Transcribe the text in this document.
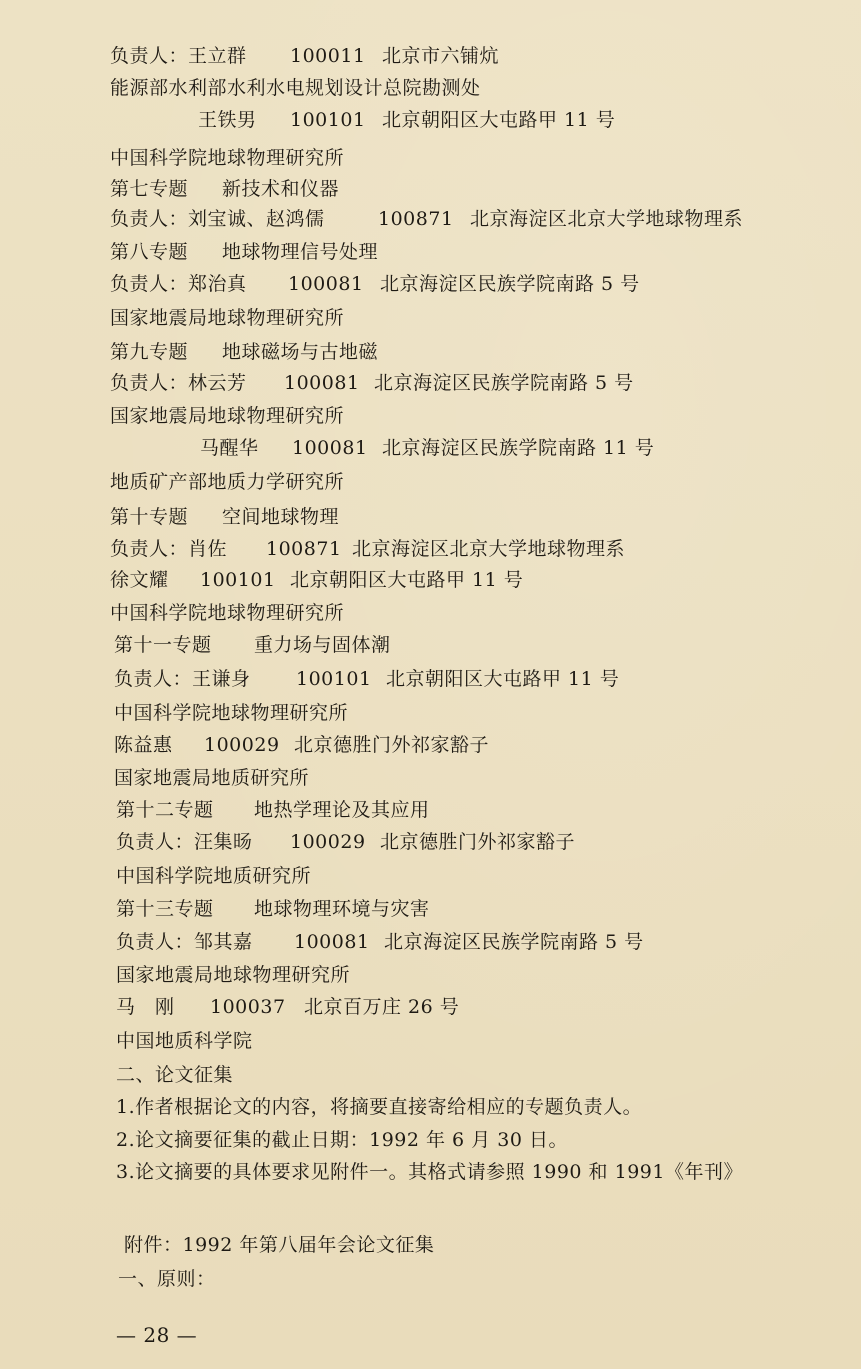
负责人：王立群 100011 北京市六铺炕
能源部水利部水利水电规划设计总院勘测处
王铁男 100101 北京朝阳区大屯路甲 11 号
中国科学院地球物理研究所
第七专题 新技术和仪器
负责人：刘宝诚、赵鸿儒	100871 北京海淀区北京大学地球物理系
第八专题 地球物理信号处理
负责人：郑治真 100081 北京海淀区民族学院南路 5 号
国家地震局地球物理研究所
第九专题 地球磁场与古地磁
负责人：林云芳 100081 北京海淀区民族学院南路 5 号
国家地震局地球物理研究所
马醒华 100081 北京海淀区民族学院南路 11 号
地质矿产部地质力学研究所
第十专题 空间地球物理
负责人：肖佐 100871 北京海淀区北京大学地球物理系
徐文耀 100101 北京朝阳区大屯路甲 11 号
中国科学院地球物理研究所
第十一专题 重力场与固体潮
负责人：王谦身 100101 北京朝阳区大屯路甲 11 号
中国科学院地球物理研究所
陈益惠 100029 北京德胜门外祁家豁子
国家地震局地质研究所
第十二专题 地热学理论及其应用
负责人：汪集旸 100029 北京德胜门外祁家豁子
中国科学院地质研究所
第十三专题 地球物理环境与灾害
负责人：邹其嘉 100081 北京海淀区民族学院南路 5 号
国家地震局地球物理研究所
马　刚 100037 北京百万庄 26 号
中国地质科学院
二、论文征集
1.作者根据论文的内容，将摘要直接寄给相应的专题负责人。
2.论文摘要征集的截止日期：1992 年 6 月 30 日。
3.论文摘要的具体要求见附件一。其格式请参照 1990 和 1991《年刊》
附件：1992 年第八届年会论文征集
一、原则：
— 28 —
